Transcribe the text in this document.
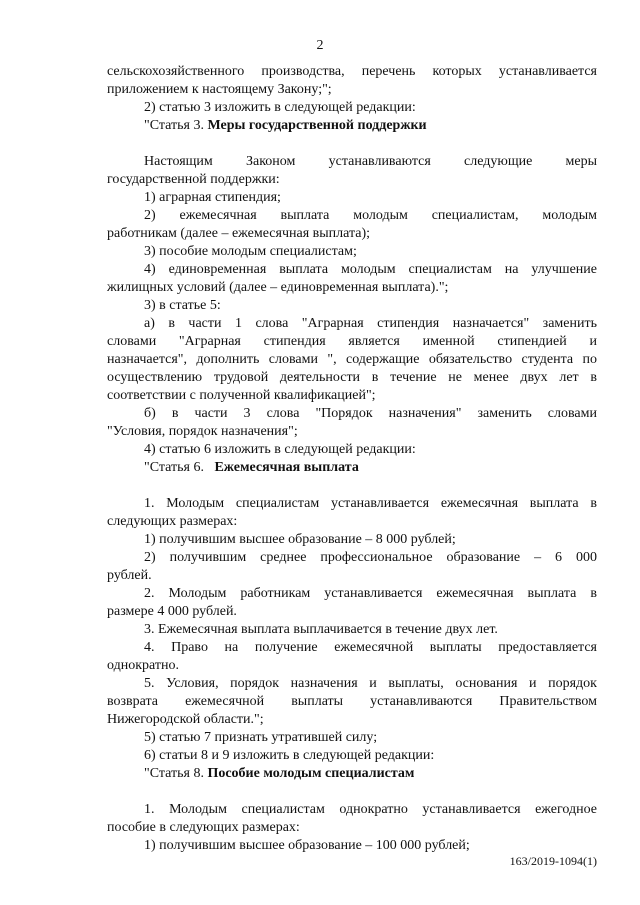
2
сельскохозяйственного производства, перечень которых устанавливается
приложением к настоящему Закону;";
2) статью 3 изложить в следующей редакции:
"Статья 3. Меры государственной поддержки
Настоящим Законом устанавливаются следующие меры
государственной поддержки:
1) аграрная стипендия;
2) ежемесячная выплата молодым специалистам, молодым
работникам (далее – ежемесячная выплата);
3) пособие молодым специалистам;
4) единовременная выплата молодым специалистам на улучшение
жилищных условий (далее – единовременная выплата).";
3) в статье 5:
а) в части 1 слова "Аграрная стипендия назначается" заменить
словами "Аграрная стипендия является именной стипендией и
назначается", дополнить словами ", содержащие обязательство студента по
осуществлению трудовой деятельности в течение не менее двух лет в
соответствии с полученной квалификацией";
б) в части 3 слова "Порядок назначения" заменить словами
"Условия, порядок назначения";
4) статью 6 изложить в следующей редакции:
"Статья 6.   Ежемесячная выплата
1. Молодым специалистам устанавливается ежемесячная выплата в
следующих размерах:
1) получившим высшее образование – 8 000 рублей;
2) получившим среднее профессиональное образование – 6 000
рублей.
2. Молодым работникам устанавливается ежемесячная выплата в
размере 4 000 рублей.
3. Ежемесячная выплата выплачивается в течение двух лет.
4. Право на получение ежемесячной выплаты предоставляется
однократно.
5. Условия, порядок назначения и выплаты, основания и порядок
возврата ежемесячной выплаты устанавливаются Правительством
Нижегородской области.";
5) статью 7 признать утратившей силу;
6) статьи 8 и 9 изложить в следующей редакции:
"Статья 8. Пособие молодым специалистам
1. Молодым специалистам однократно устанавливается ежегодное
пособие в следующих размерах:
1) получившим высшее образование – 100 000 рублей;
163/2019-1094(1)
